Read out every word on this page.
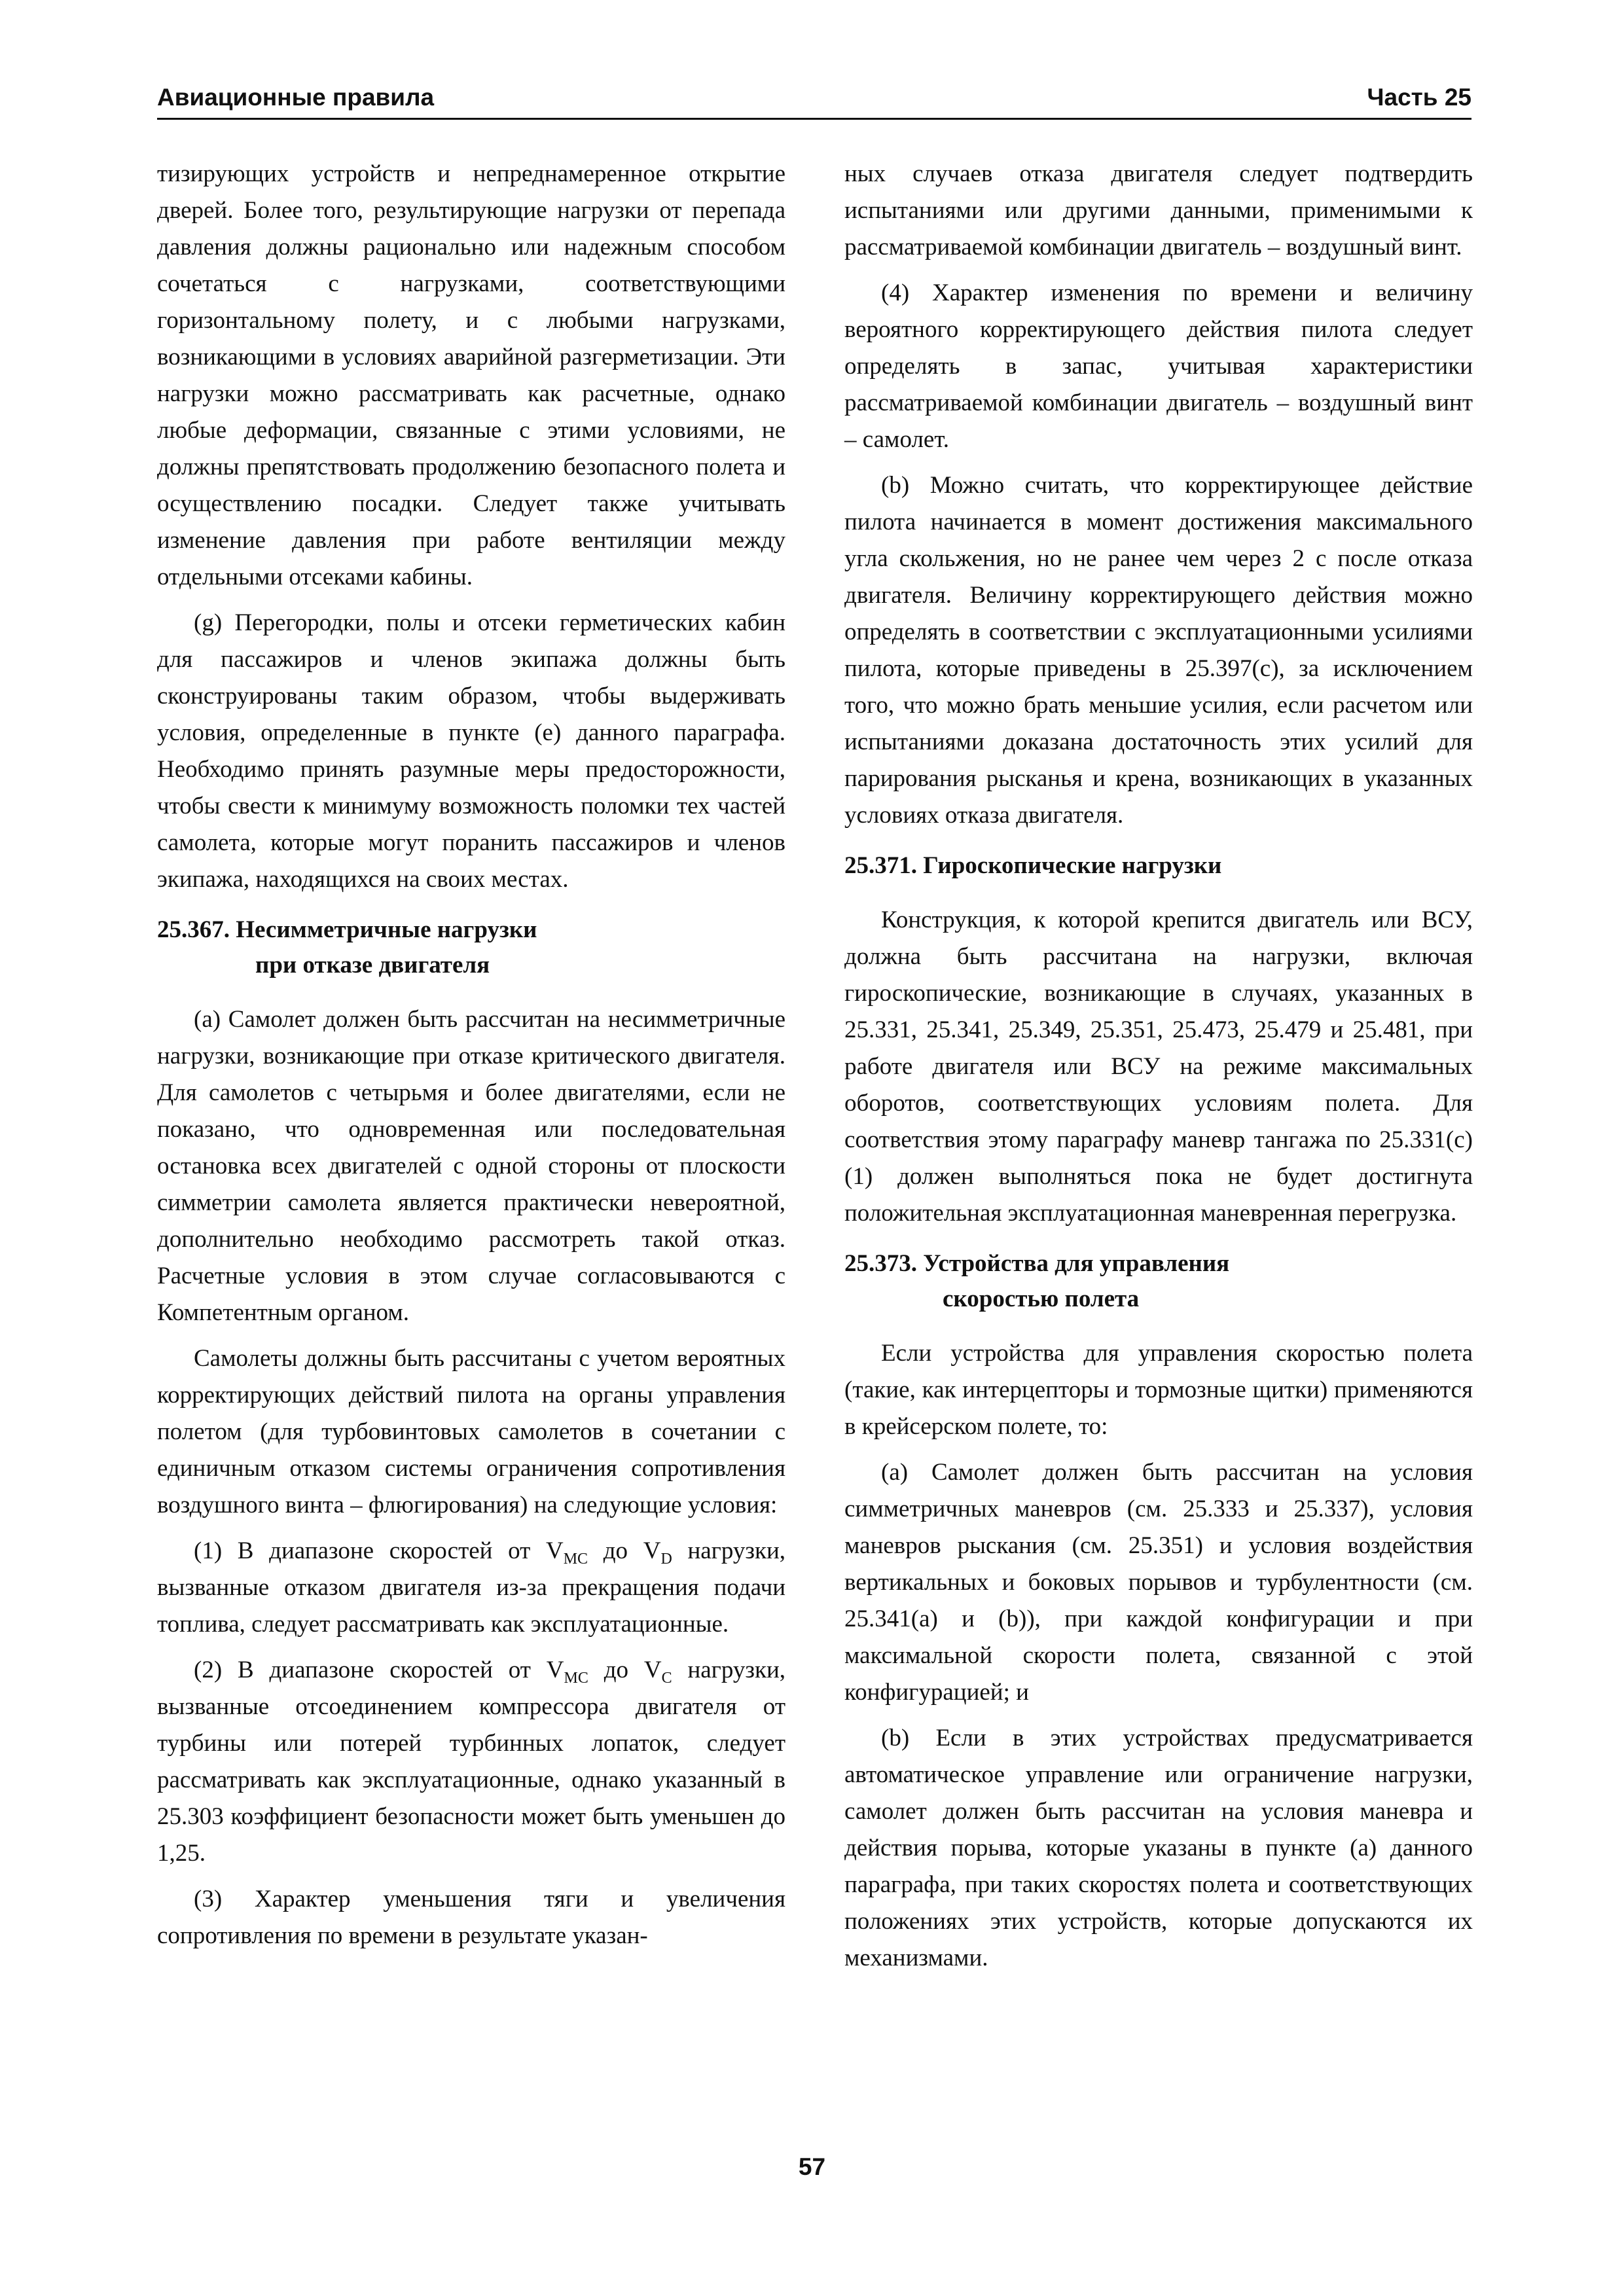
Авиационные правила	Часть 25

тизирующих устройств и непреднамеренное открытие дверей. Более того, результирующие нагрузки от перепада давления должны рационально или надежным способом сочетаться с нагрузками, соответствующими горизонтальному полету, и с любыми нагрузками, возникающими в условиях аварийной разгерметизации. Эти нагрузки можно рассматривать как расчетные, однако любые деформации, связанные с этими условиями, не должны препятствовать продолжению безопасного полета и осуществлению посадки. Следует также учитывать изменение давления при работе вентиляции между отдельными отсеками кабины.

(g) Перегородки, полы и отсеки герметических кабин для пассажиров и членов экипажа должны быть сконструированы таким образом, чтобы выдерживать условия, определенные в пункте (е) данного параграфа. Необходимо принять разумные меры предосторожности, чтобы свести к минимуму возможность поломки тех частей самолета, которые могут поранить пассажиров и членов экипажа, находящихся на своих местах.

25.367. Несимметричные нагрузки
при отказе двигателя

(а) Самолет должен быть рассчитан на несимметричные нагрузки, возникающие при отказе критического двигателя. Для самолетов с четырьмя и более двигателями, если не показано, что одновременная или последовательная остановка всех двигателей с одной стороны от плоскости симметрии самолета является практически невероятной, дополнительно необходимо рассмотреть такой отказ. Расчетные условия в этом случае согласовываются с Компетентным органом.

Самолеты должны быть рассчитаны с учетом вероятных корректирующих действий пилота на органы управления полетом (для турбовинтовых самолетов в сочетании с единичным отказом системы ограничения сопротивления воздушного винта – флюгирования) на следующие условия:

(1) В диапазоне скоростей от $V_{MC}$ до $V_D$ нагрузки, вызванные отказом двигателя из-за прекращения подачи топлива, следует рассматривать как эксплуатационные.

(2) В диапазоне скоростей от $V_{MC}$ до $V_C$ нагрузки, вызванные отсоединением компрессора двигателя от турбины или потерей турбинных лопаток, следует рассматривать как эксплуатационные, однако указанный в 25.303 коэффициент безопасности может быть уменьшен до 1,25.

(3) Характер уменьшения тяги и увеличения сопротивления по времени в результате указан-

ных случаев отказа двигателя следует подтвердить испытаниями или другими данными, применимыми к рассматриваемой комбинации двигатель – воздушный винт.

(4) Характер изменения по времени и величину вероятного корректирующего действия пилота следует определять в запас, учитывая характеристики рассматриваемой комбинации двигатель – воздушный винт – самолет.

(b) Можно считать, что корректирующее действие пилота начинается в момент достижения максимального угла скольжения, но не ранее чем через 2 с после отказа двигателя. Величину корректирующего действия можно определять в соответствии с эксплуатационными усилиями пилота, которые приведены в 25.397(c), за исключением того, что можно брать меньшие усилия, если расчетом или испытаниями доказана достаточность этих усилий для парирования рысканья и крена, возникающих в указанных условиях отказа двигателя.

25.371. Гироскопические нагрузки

Конструкция, к которой крепится двигатель или ВСУ, должна быть рассчитана на нагрузки, включая гироскопические, возникающие в случаях, указанных в 25.331, 25.341, 25.349, 25.351, 25.473, 25.479 и 25.481, при работе двигателя или ВСУ на режиме максимальных оборотов, соответствующих условиям полета. Для соответствия этому параграфу маневр тангажа по 25.331(c)(1) должен выполняться пока не будет достигнута положительная эксплуатационная маневренная перегрузка.

25.373. Устройства для управления
скоростью полета

Если устройства для управления скоростью полета (такие, как интерцепторы и тормозные щитки) применяются в крейсерском полете, то:

(а) Самолет должен быть рассчитан на условия симметричных маневров (см. 25.333 и 25.337), условия маневров рыскания (см. 25.351) и условия воздействия вертикальных и боковых порывов и турбулентности (см. 25.341(a) и (b)), при каждой конфигурации и при максимальной скорости полета, связанной с этой конфигурацией; и

(b) Если в этих устройствах предусматривается автоматическое управление или ограничение нагрузки, самолет должен быть рассчитан на условия маневра и действия порыва, которые указаны в пункте (а) данного параграфа, при таких скоростях полета и соответствующих положениях этих устройств, которые допускаются их механизмами.

57
